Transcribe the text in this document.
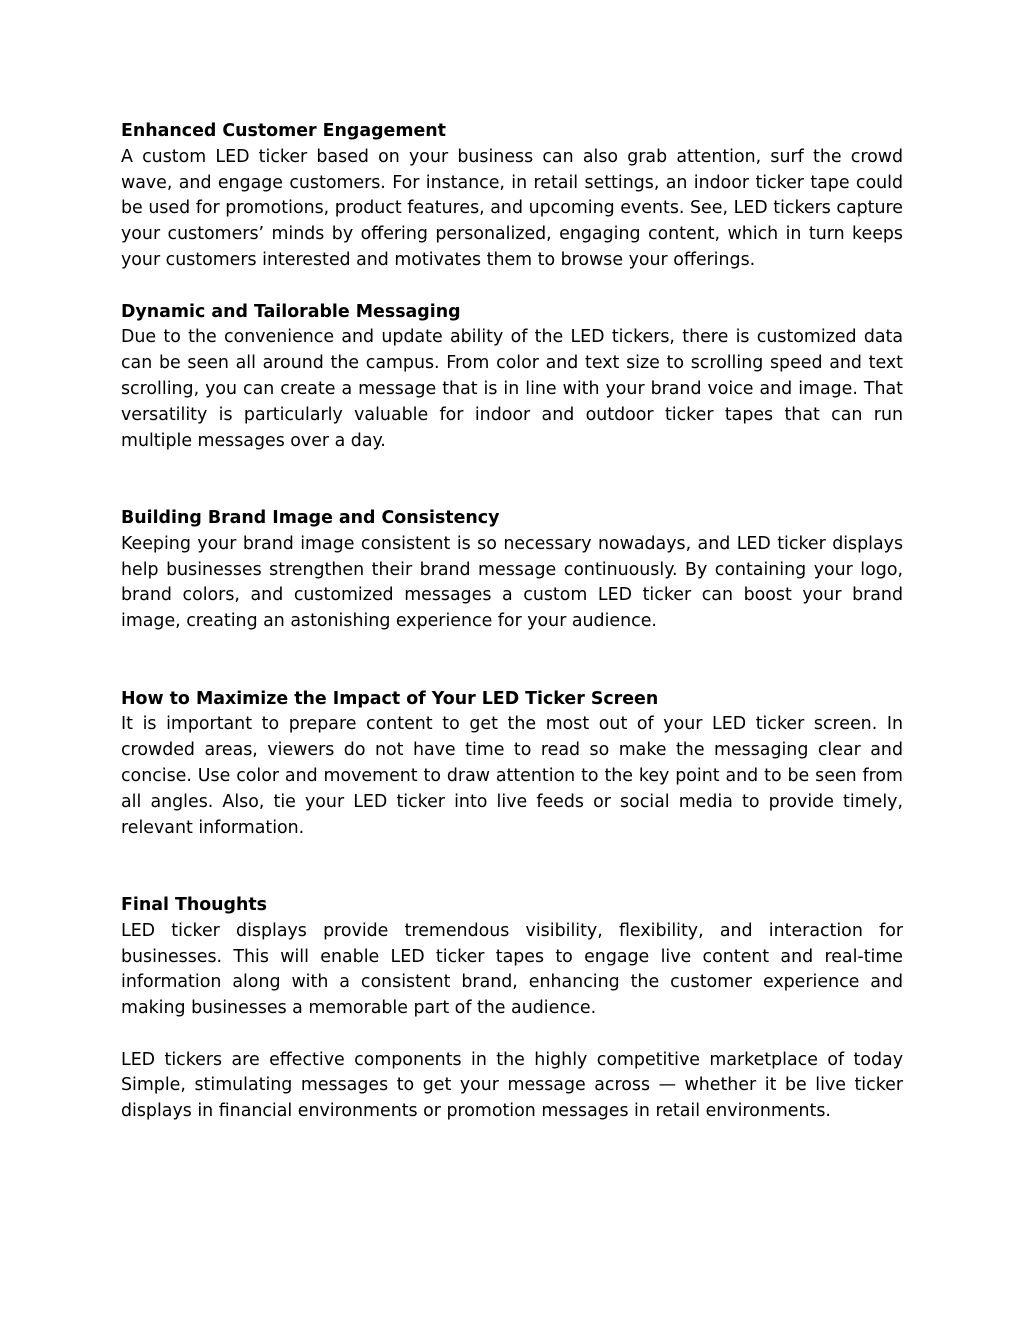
Enhanced Customer Engagement

A custom LED ticker based on your business can also grab attention, surf the crowd wave, and engage customers. For instance, in retail settings, an indoor ticker tape could be used for promotions, product features, and upcoming events. See, LED tickers capture your customers’ minds by offering personalized, engaging content, which in turn keeps your customers interested and motivates them to browse your offerings.

Dynamic and Tailorable Messaging

Due to the convenience and update ability of the LED tickers, there is customized data can be seen all around the campus. From color and text size to scrolling speed and text scrolling, you can create a message that is in line with your brand voice and image. That versatility is particularly valuable for indoor and outdoor ticker tapes that can run multiple messages over a day.

Building Brand Image and Consistency

Keeping your brand image consistent is so necessary nowadays, and LED ticker displays help businesses strengthen their brand message continuously. By containing your logo, brand colors, and customized messages a custom LED ticker can boost your brand image, creating an astonishing experience for your audience.

How to Maximize the Impact of Your LED Ticker Screen

It is important to prepare content to get the most out of your LED ticker screen. In crowded areas, viewers do not have time to read so make the messaging clear and concise. Use color and movement to draw attention to the key point and to be seen from all angles. Also, tie your LED ticker into live feeds or social media to provide timely, relevant information.

Final Thoughts

LED ticker displays provide tremendous visibility, flexibility, and interaction for businesses. This will enable LED ticker tapes to engage live content and real-time information along with a consistent brand, enhancing the customer experience and making businesses a memorable part of the audience.

LED tickers are effective components in the highly competitive marketplace of today Simple, stimulating messages to get your message across — whether it be live ticker displays in financial environments or promotion messages in retail environments.
